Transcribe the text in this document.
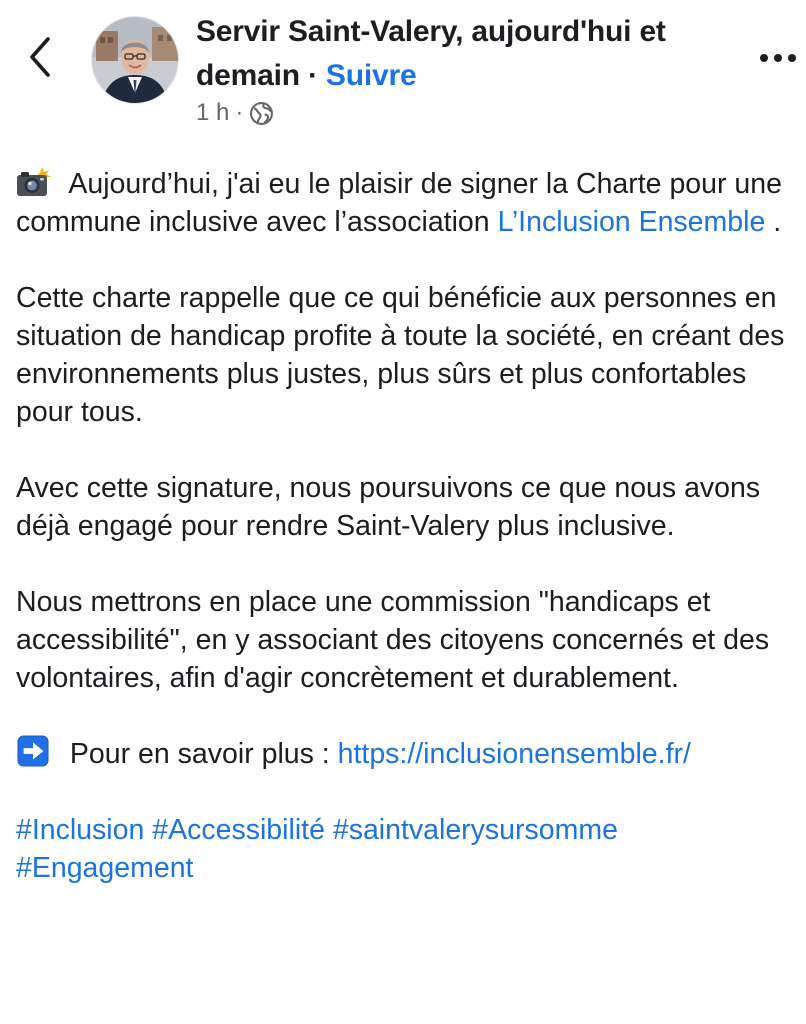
Servir Saint-Valery, aujourd'hui et demain · Suivre
1 h ·

Aujourd’hui, j'ai eu le plaisir de signer la Charte pour une commune inclusive avec l’association L’Inclusion Ensemble .

Cette charte rappelle que ce qui bénéficie aux personnes en situation de handicap profite à toute la société, en créant des environnements plus justes, plus sûrs et plus confortables pour tous.

Avec cette signature, nous poursuivons ce que nous avons déjà engagé pour rendre Saint-Valery plus inclusive.

Nous mettrons en place une commission "handicaps et accessibilité", en y associant des citoyens concernés et des volontaires, afin d'agir concrètement et durablement.

Pour en savoir plus : https://inclusionensemble.fr/

#Inclusion #Accessibilité #saintvalerysursomme
#Engagement
